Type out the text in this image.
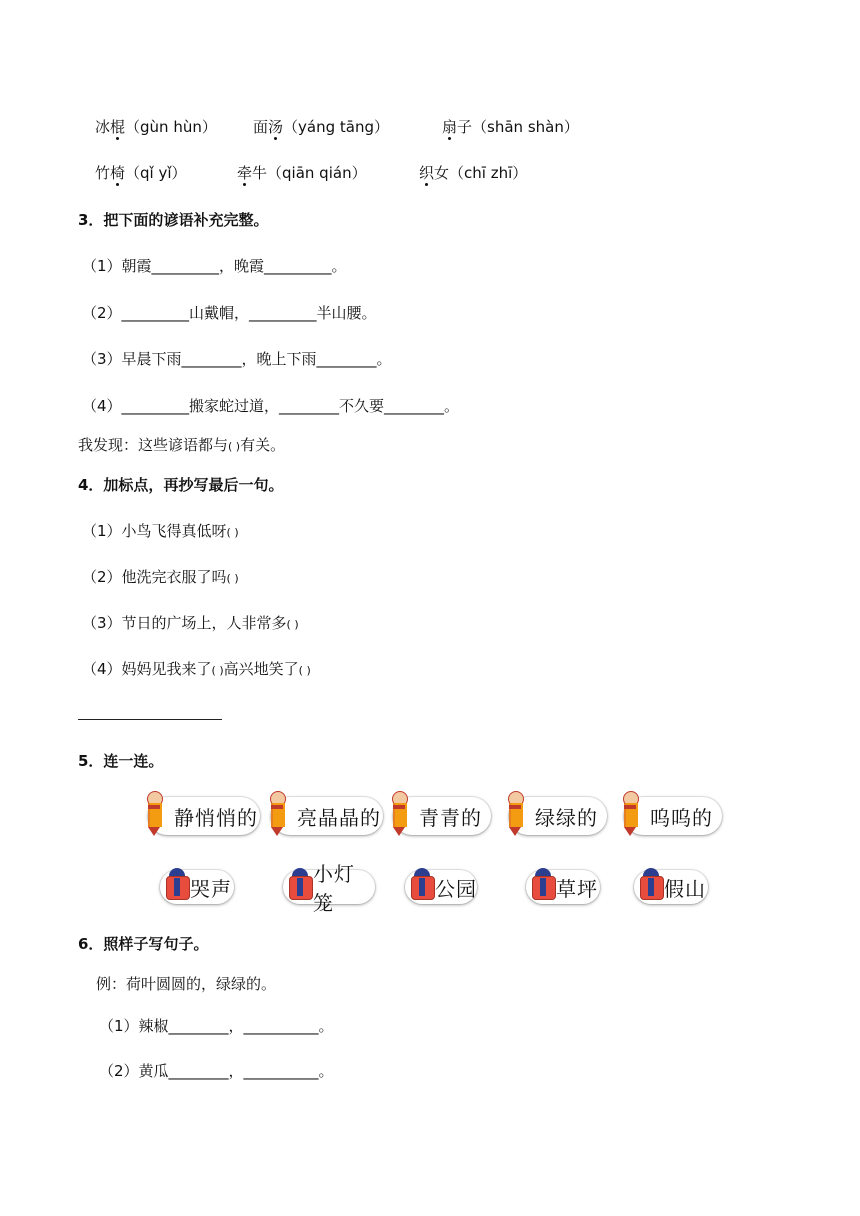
冰棍（gùn hùn） 面汤（yáng tāng）	扇子（shān shàn）
竹椅（qǐ yǐ）	牵牛（qiān qián）	织女（chī zhī）
3．把下面的谚语补充完整。
（1）朝霞_________，晚霞_________。
（2）_________山戴帽，_________半山腰。
（3）早晨下雨________，晚上下雨________。
（4）_________搬家蛇过道，________不久要________。
我发现：这些谚语都与( )有关。
4．加标点，再抄写最后一句。
（1）小鸟飞得真低呀( )
（2）他洗完衣服了吗( )
（3）节日的广场上，人非常多( )
（4）妈妈见我来了( )高兴地笑了( )
5．连一连。
静悄悄的 亮晶晶的 青青的	绿绿的	呜呜的
哭声
小灯笼
公园	草坪	假山
6．照样子写句子。
例：荷叶圆圆的，绿绿的。
（1）辣椒________，__________。
（2）黄瓜________，__________。
